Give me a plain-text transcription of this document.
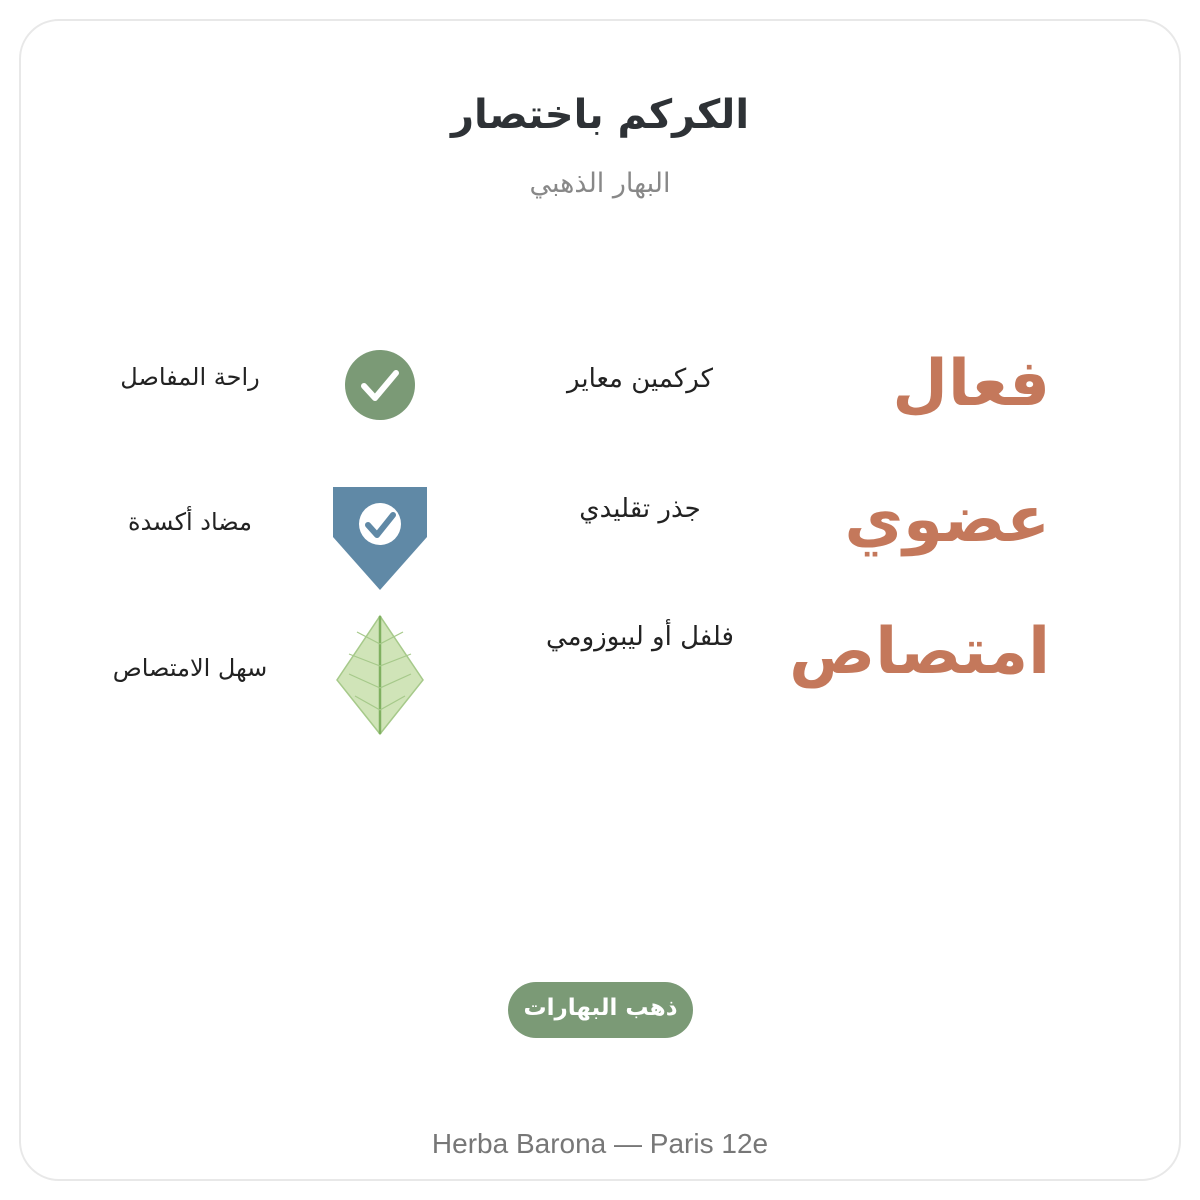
الكركم باختصار
البهار الذهبي
فعال
كركمين معاير
راحة المفاصل
عضوي
جذر تقليدي
مضاد أكسدة
امتصاص
فلفل أو ليبوزومي
سهل الامتصاص
ذهب البهارات
Herba Barona — Paris 12e
